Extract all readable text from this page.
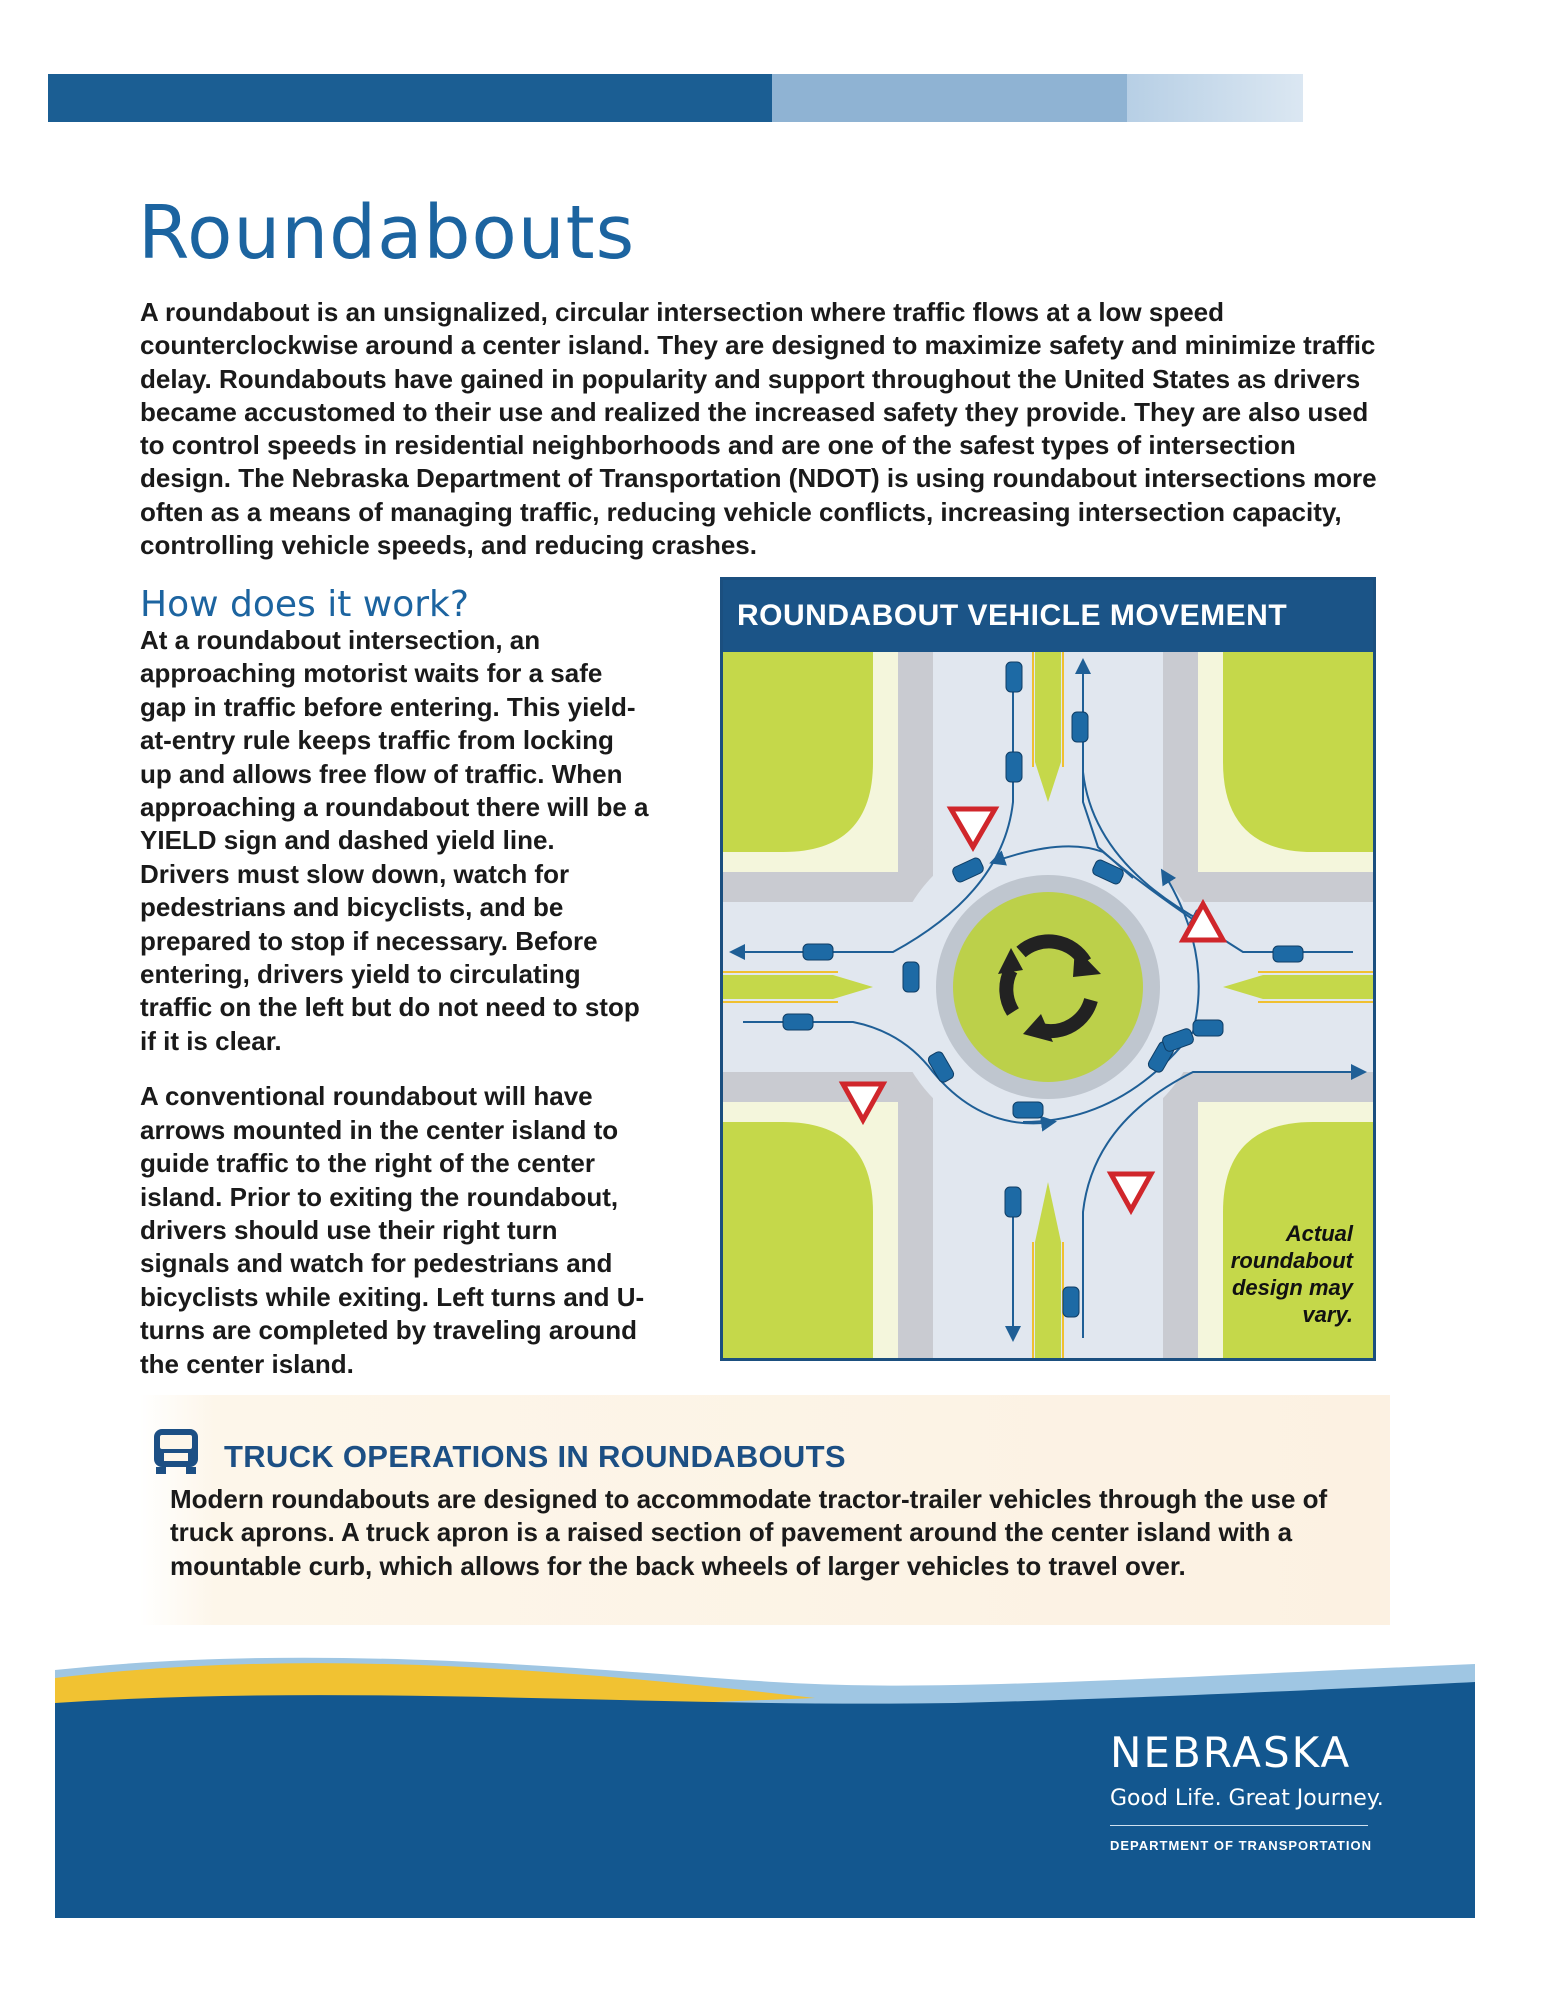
Roundabouts

A roundabout is an unsignalized, circular intersection where traffic flows at a low speed counterclockwise around a center island. They are designed to maximize safety and minimize traffic delay. Roundabouts have gained in popularity and support throughout the United States as drivers became accustomed to their use and realized the increased safety they provide. They are also used to control speeds in residential neighborhoods and are one of the safest types of intersection design. The Nebraska Department of Transportation (NDOT) is using roundabout intersections more often as a means of managing traffic, reducing vehicle conflicts, increasing intersection capacity, controlling vehicle speeds, and reducing crashes.

How does it work?

At a roundabout intersection, an approaching motorist waits for a safe gap in traffic before entering. This yield-at-entry rule keeps traffic from locking up and allows free flow of traffic. When approaching a roundabout there will be a YIELD sign and dashed yield line. Drivers must slow down, watch for pedestrians and bicyclists, and be prepared to stop if necessary. Before entering, drivers yield to circulating traffic on the left but do not need to stop if it is clear.

A conventional roundabout will have arrows mounted in the center island to guide traffic to the right of the center island. Prior to exiting the roundabout, drivers should use their right turn signals and watch for pedestrians and bicyclists while exiting. Left turns and U-turns are completed by traveling around the center island.

ROUNDABOUT VEHICLE MOVEMENT
Actual
roundabout
design may
vary.
TRUCK OPERATIONS IN ROUNDABOUTS

Modern roundabouts are designed to accommodate tractor-trailer vehicles through the use of truck aprons. A truck apron is a raised section of pavement around the center island with a mountable curb, which allows for the back wheels of larger vehicles to travel over.

NEBRASKA
Good Life. Great Journey.
DEPARTMENT OF TRANSPORTATION
